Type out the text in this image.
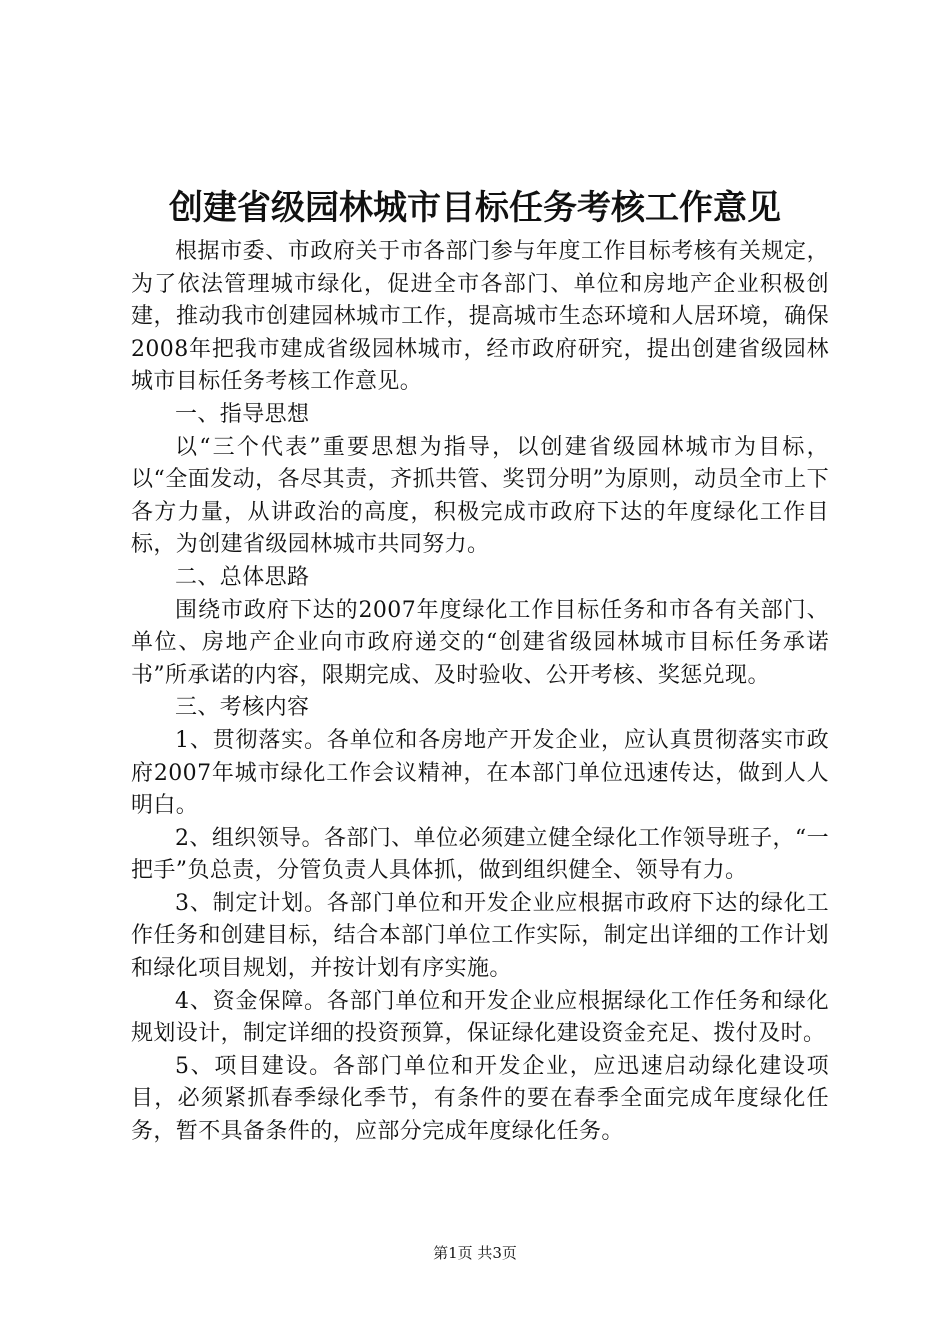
创建省级园林城市目标任务考核工作意见

根据市委、市政府关于市各部门参与年度工作目标考核有关规定，为了依法管理城市绿化，促进全市各部门、单位和房地产企业积极创建，推动我市创建园林城市工作，提高城市生态环境和人居环境，确保2008年把我市建成省级园林城市，经市政府研究，提出创建省级园林城市目标任务考核工作意见。

一、指导思想

以“三个代表”重要思想为指导，以创建省级园林城市为目标，以“全面发动，各尽其责，齐抓共管、奖罚分明”为原则，动员全市上下各方力量，从讲政治的高度，积极完成市政府下达的年度绿化工作目标，为创建省级园林城市共同努力。

二、总体思路

围绕市政府下达的2007年度绿化工作目标任务和市各有关部门、单位、房地产企业向市政府递交的“创建省级园林城市目标任务承诺书”所承诺的内容，限期完成、及时验收、公开考核、奖惩兑现。

三、考核内容

1、贯彻落实。各单位和各房地产开发企业，应认真贯彻落实市政府2007年城市绿化工作会议精神，在本部门单位迅速传达，做到人人明白。

2、组织领导。各部门、单位必须建立健全绿化工作领导班子，“一把手”负总责，分管负责人具体抓，做到组织健全、领导有力。

3、制定计划。各部门单位和开发企业应根据市政府下达的绿化工作任务和创建目标，结合本部门单位工作实际，制定出详细的工作计划和绿化项目规划，并按计划有序实施。

4、资金保障。各部门单位和开发企业应根据绿化工作任务和绿化规划设计，制定详细的投资预算，保证绿化建设资金充足、拨付及时。

5、项目建设。各部门单位和开发企业，应迅速启动绿化建设项目，必须紧抓春季绿化季节，有条件的要在春季全面完成年度绿化任务，暂不具备条件的，应部分完成年度绿化任务。

第1页 共3页
